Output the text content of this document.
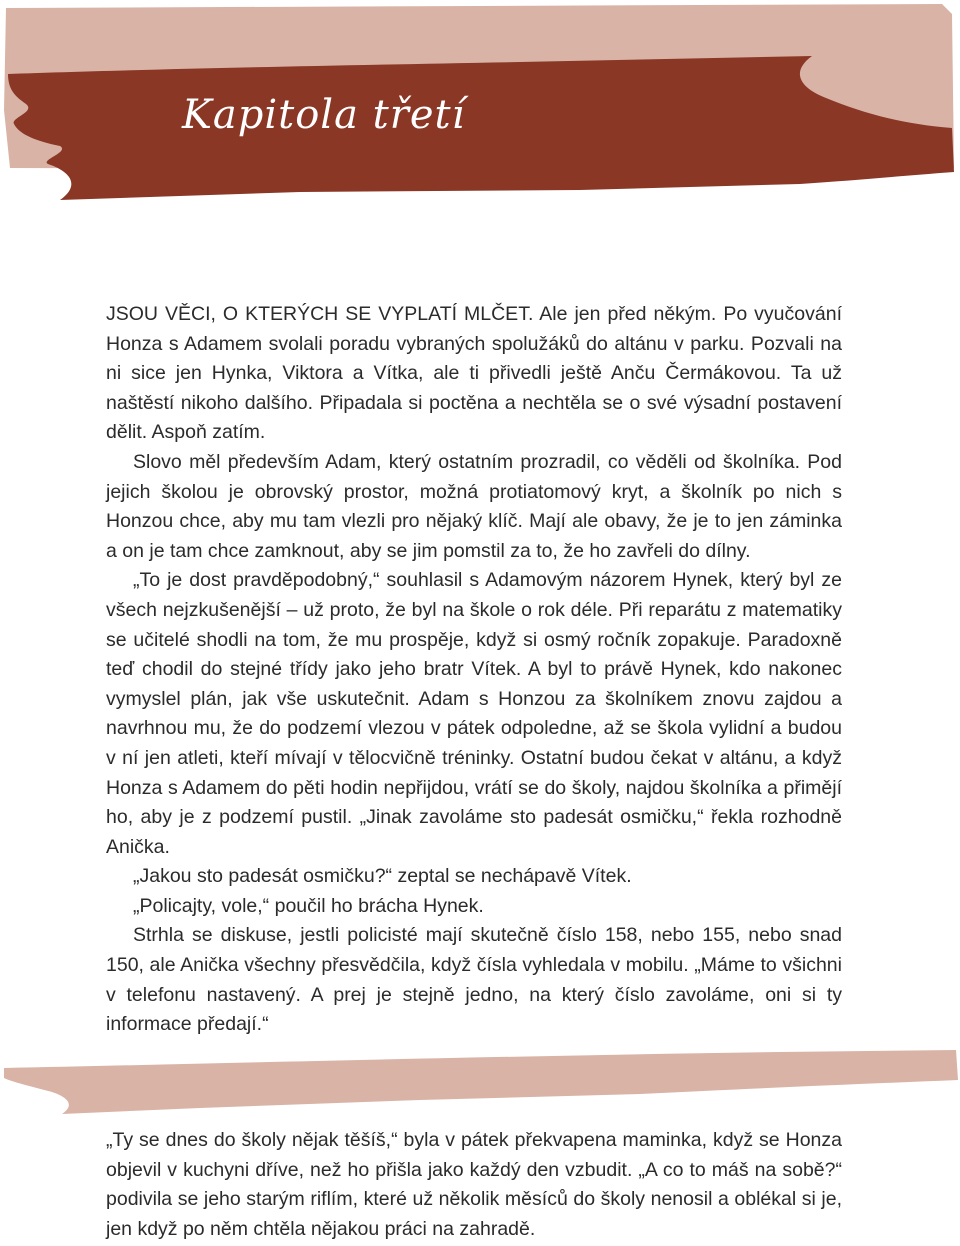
Kapitola třetí

JSOU VĚCI, O KTERÝCH SE VYPLATÍ MLČET. Ale jen před někým. Po vyučování Honza s Adamem svolali poradu vybraných spolužáků do altánu v parku. Pozvali na ni sice jen Hynka, Viktora a Vítka, ale ti přivedli ještě Anču Čermákovou. Ta už naštěstí nikoho dalšího. Připadala si poctěna a nechtěla se o své výsadní postavení dělit. Aspoň zatím.

Slovo měl především Adam, který ostatním prozradil, co věděli od školníka. Pod jejich školou je obrovský prostor, možná protiatomový kryt, a školník po nich s Honzou chce, aby mu tam vlezli pro nějaký klíč. Mají ale obavy, že je to jen záminka a on je tam chce zamknout, aby se jim pomstil za to, že ho zavřeli do dílny.

„To je dost pravděpodobný,“ souhlasil s Adamovým názorem Hynek, který byl ze všech nejzkušenější – už proto, že byl na škole o rok déle. Při reparátu z matematiky se učitelé shodli na tom, že mu prospěje, když si osmý ročník zopakuje. Paradoxně teď chodil do stejné třídy jako jeho bratr Vítek. A byl to právě Hynek, kdo nakonec vymyslel plán, jak vše uskutečnit. Adam s Honzou za školníkem znovu zajdou a navrhnou mu, že do podzemí vlezou v pátek odpoledne, až se škola vylidní a budou v ní jen atleti, kteří mívají v tělocvičně tréninky. Ostatní budou čekat v altánu, a když Honza s Adamem do pěti hodin nepřijdou, vrátí se do školy, najdou školníka a přimějí ho, aby je z podzemí pustil. „Jinak zavoláme sto padesát osmičku,“ řekla rozhodně Anička.

„Jakou sto padesát osmičku?“ zeptal se nechápavě Vítek.

„Policajty, vole,“ poučil ho brácha Hynek.

Strhla se diskuse, jestli policisté mají skutečně číslo 158, nebo 155, nebo snad 150, ale Anička všechny přesvědčila, když čísla vyhledala v mobilu. „Máme to všichni v telefonu nastavený. A prej je stejně jedno, na který číslo zavoláme, oni si ty informace předají.“

„Ty se dnes do školy nějak těšíš,“ byla v pátek překvapena maminka, když se Honza objevil v kuchyni dříve, než ho přišla jako každý den vzbudit. „A co to máš na sobě?“ podivila se jeho starým riflím, které už několik měsíců do školy nenosil a oblékal si je, jen když po něm chtěla nějakou práci na zahradě.
